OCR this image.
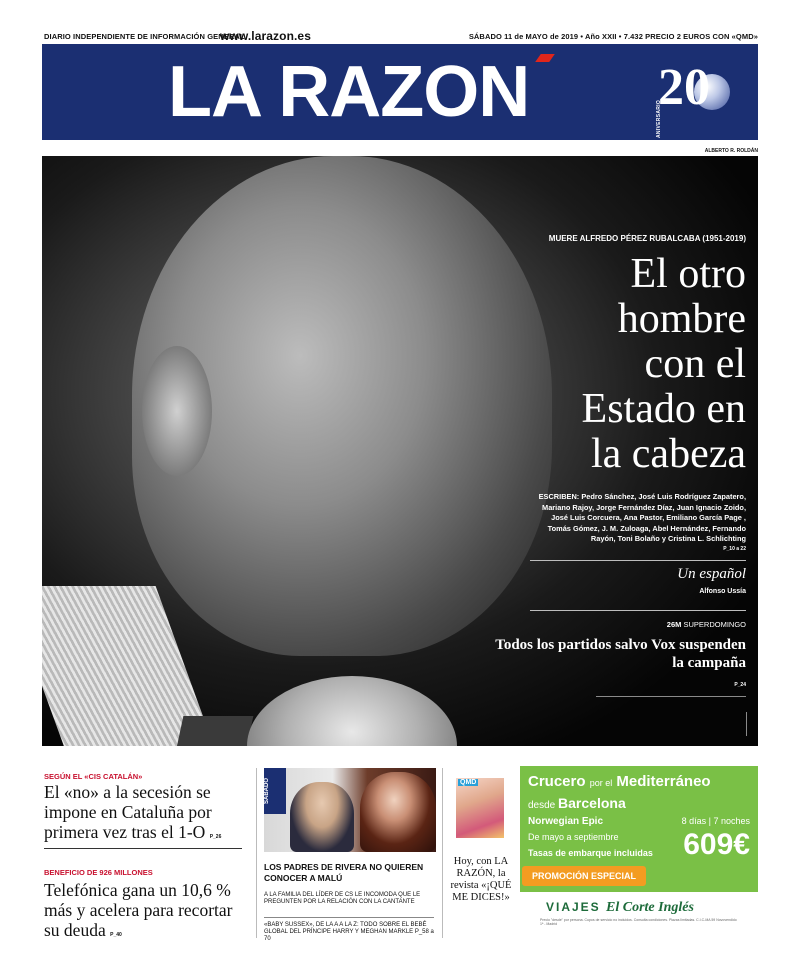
DIARIO INDEPENDIENTE DE INFORMACIÓN GENERAL
www.larazon.es	SÁBADO 11 de MAYO de 2019 • Año XXII • 7.432 PRECIO 2 EUROS CON «QMD»
LA RAZON	ANIVERSARIO
20
ALBERTO R. ROLDÁN
MUERE ALFREDO PÉREZ RUBALCABA (1951-2019)
El otro
hombre
con el
Estado en
la cabeza
ESCRIBEN: Pedro Sánchez, José Luis Rodríguez Zapatero, Mariano Rajoy, Jorge Fernández Díaz, Juan Ignacio Zoido, José Luis Corcuera, Ana Pastor, Emiliano García Page , Tomás Gómez, J. M. Zuloaga, Abel Hernández, Fernando Rayón, Toni Bolaño y Cristina L. Schlichting
P_10 a 22
Un español
Alfonso Ussía
26M SUPERDOMINGO
Todos los partidos salvo Vox suspenden la campaña
P_24
SEGÚN EL «CIS CATALÁN»
El «no» a la secesión se impone en Cataluña por primera vez tras el 1-O P_26
BENEFICIO DE 926 MILLONES
Telefónica gana un 10,6 % más y acelera para recortar su deuda P_40
SÁBADO
LOS PADRES DE RIVERA NO QUIEREN CONOCER A MALÚ
A LA FAMILIA DEL LÍDER DE CS LE INCOMODA QUE LE PREGUNTEN POR LA RELACIÓN CON LA CANTANTE
«BABY SUSSEX», DE LA A A LA Z: TODO SOBRE EL BEBÉ GLOBAL DEL PRÍNCIPE HARRY Y MEGHAN MARKLE P_58 a 70
QMD
Hoy, con LA RAZÓN, la revista «¡QUÉ ME DICES!»
Crucero por el Mediterráneo
desde Barcelona
Norwegian Epic
De mayo a septiembre
Tasas de embarque incluidas
8 días | 7 noches
609€
PROMOCIÓN ESPECIAL
VIAJES El Corte Inglés
Precio "desde" por persona. Cupos de servicio no incluidos. Consulta condiciones. Plazas limitadas. C.I.C-MA 59 Novovendido 1ª - Madrid
